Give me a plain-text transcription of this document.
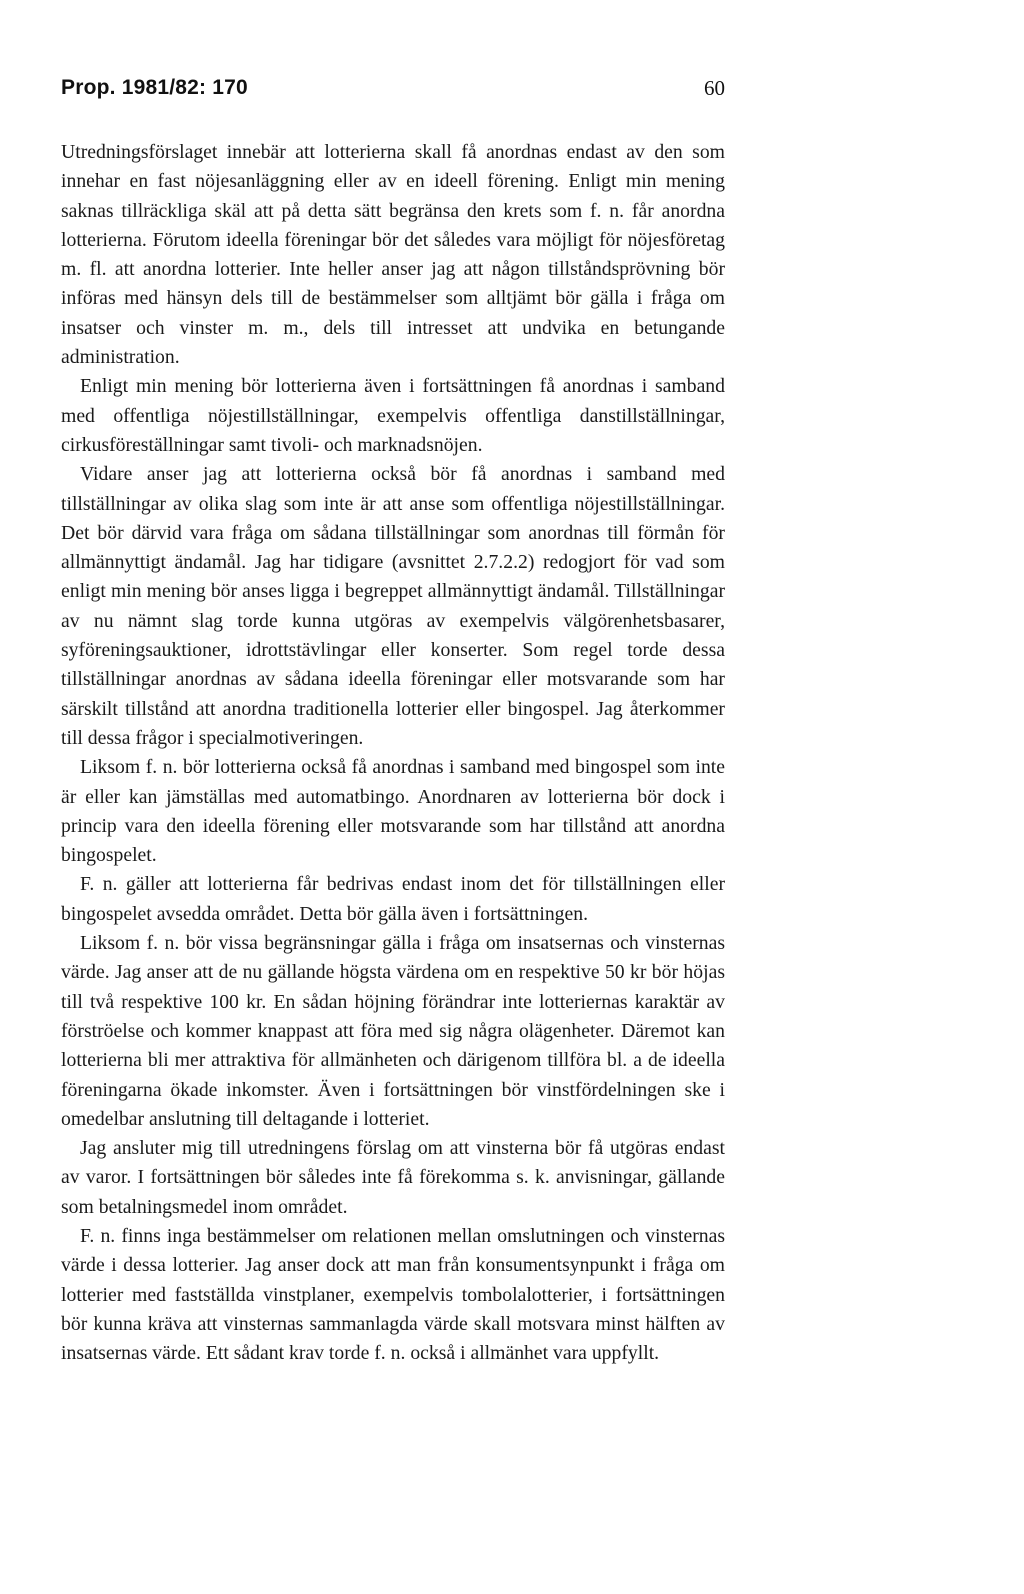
Prop. 1981/82: 170	60

Utredningsförslaget innebär att lotterierna skall få anordnas endast av den som innehar en fast nöjesanläggning eller av en ideell förening. Enligt min mening saknas tillräckliga skäl att på detta sätt begränsa den krets som f. n. får anordna lotterierna. Förutom ideella föreningar bör det således vara möjligt för nöjesföretag m. fl. att anordna lotterier. Inte heller anser jag att någon tillståndsprövning bör införas med hänsyn dels till de bestämmelser som alltjämt bör gälla i fråga om insatser och vinster m. m., dels till intresset att undvika en betungande administration.

Enligt min mening bör lotterierna även i fortsättningen få anordnas i samband med offentliga nöjestillställningar, exempelvis offentliga danstillställningar, cirkusföreställningar samt tivoli- och marknadsnöjen.

Vidare anser jag att lotterierna också bör få anordnas i samband med tillställningar av olika slag som inte är att anse som offentliga nöjestillställningar. Det bör därvid vara fråga om sådana tillställningar som anordnas till förmån för allmännyttigt ändamål. Jag har tidigare (avsnittet 2.7.2.2) redogjort för vad som enligt min mening bör anses ligga i begreppet allmännyttigt ändamål. Tillställningar av nu nämnt slag torde kunna utgöras av exempelvis välgörenhetsbasarer, syföreningsauktioner, idrottstävlingar eller konserter. Som regel torde dessa tillställningar anordnas av sådana ideella föreningar eller motsvarande som har särskilt tillstånd att anordna traditionella lotterier eller bingospel. Jag återkommer till dessa frågor i specialmotiveringen.

Liksom f. n. bör lotterierna också få anordnas i samband med bingospel som inte är eller kan jämställas med automatbingo. Anordnaren av lotterierna bör dock i princip vara den ideella förening eller motsvarande som har tillstånd att anordna bingospelet.

F. n. gäller att lotterierna får bedrivas endast inom det för tillställningen eller bingospelet avsedda området. Detta bör gälla även i fortsättningen.

Liksom f. n. bör vissa begränsningar gälla i fråga om insatsernas och vinsternas värde. Jag anser att de nu gällande högsta värdena om en respektive 50 kr bör höjas till två respektive 100 kr. En sådan höjning förändrar inte lotteriernas karaktär av förströelse och kommer knappast att föra med sig några olägenheter. Däremot kan lotterierna bli mer attraktiva för allmänheten och därigenom tillföra bl. a de ideella föreningarna ökade inkomster. Även i fortsättningen bör vinstfördelningen ske i omedelbar anslutning till deltagande i lotteriet.

Jag ansluter mig till utredningens förslag om att vinsterna bör få utgöras endast av varor. I fortsättningen bör således inte få förekomma s. k. anvisningar, gällande som betalningsmedel inom området.

F. n. finns inga bestämmelser om relationen mellan omslutningen och vinsternas värde i dessa lotterier. Jag anser dock att man från konsumentsynpunkt i fråga om lotterier med fastställda vinstplaner, exempelvis tombolalotterier, i fortsättningen bör kunna kräva att vinsternas sammanlagda värde skall motsvara minst hälften av insatsernas värde. Ett sådant krav torde f. n. också i allmänhet vara uppfyllt.
